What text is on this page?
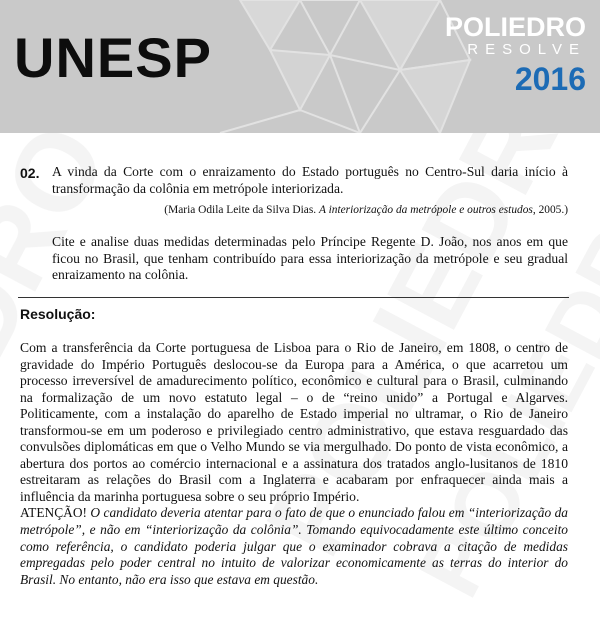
UNESP	POLIEDRO
RESOLVE
2016
02. A vinda da Corte com o enraizamento do Estado português no Centro-Sul daria início à transformação da colônia em metrópole interiorizada.
(Maria Odila Leite da Silva Dias. A interiorização da metrópole e outros estudos, 2005.)
Cite e analise duas medidas determinadas pelo Príncipe Regente D. João, nos anos em que ficou no Brasil, que tenham contribuído para essa interiorização da metrópole e seu gradual enraizamento na colônia.
Resolução:
Com a transferência da Corte portuguesa de Lisboa para o Rio de Janeiro, em 1808, o centro de gravidade do Império Português deslocou-se da Europa para a América, o que acarretou um processo irreversível de amadurecimento político, econômico e cultural para o Brasil, culminando na formalização de um novo estatuto legal – o de “reino unido” a Portugal e Algarves. Politicamente, com a instalação do aparelho de Estado imperial no ultramar, o Rio de Janeiro transformou-se em um poderoso e privilegiado centro administrativo, que estava resguardado das convulsões diplomáticas em que o Velho Mundo se via mergulhado. Do ponto de vista econômico, a abertura dos portos ao comércio internacional e a assinatura dos tratados anglo-lusitanos de 1810 estreitaram as relações do Brasil com a Inglaterra e acabaram por enfraquecer ainda mais a influência da marinha portuguesa sobre o seu próprio Império.
ATENÇÃO! O candidato deveria atentar para o fato de que o enunciado falou em “interiorização da metrópole”, e não em “interiorização da colônia”. Tomando equivocadamente este último conceito como referência, o candidato poderia julgar que o examinador cobrava a citação de medidas empregadas pelo poder central no intuito de valorizar economicamente as terras do interior do Brasil. No entanto, não era isso que estava em questão.
